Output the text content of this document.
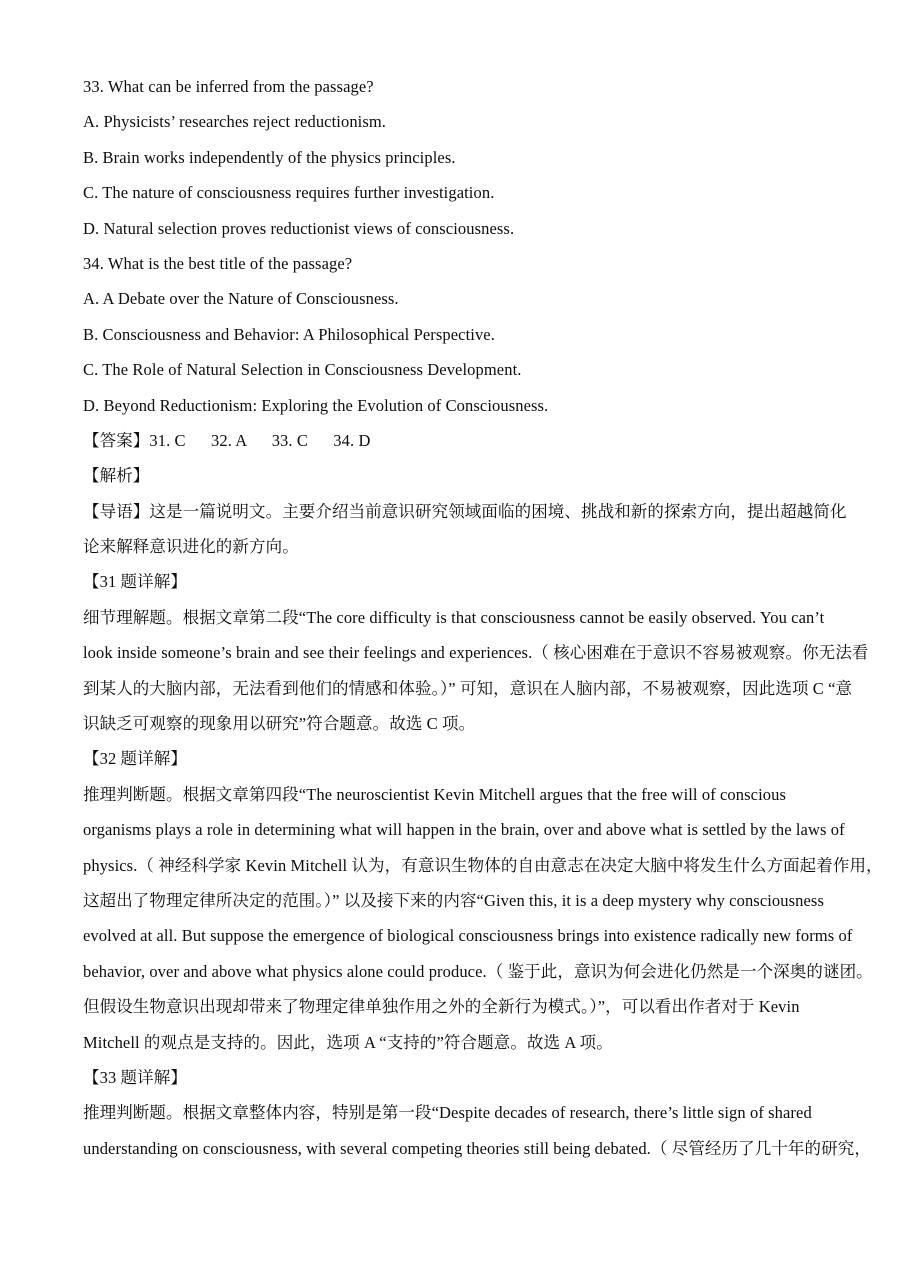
33. What can be inferred from the passage?
A. Physicists’ researches reject reductionism.
B. Brain works independently of the physics principles.
C. The nature of consciousness requires further investigation.
D. Natural selection proves reductionist views of consciousness.
34. What is the best title of the passage?
A. A Debate over the Nature of Consciousness.
B. Consciousness and Behavior: A Philosophical Perspective.
C. The Role of Natural Selection in Consciousness Development.
D. Beyond Reductionism: Exploring the Evolution of Consciousness.
【答案】31. C      32. A      33. C      34. D
【解析】
【导语】这是一篇说明文。主要介绍当前意识研究领域面临的困境、挑战和新的探索方向，提出超越简化
论来解释意识进化的新方向。
【31 题详解】
细节理解题。根据文章第二段“The core difficulty is that consciousness cannot be easily observed. You can’t
look inside someone’s brain and see their feelings and experiences.（ 核心困难在于意识不容易被观察。你无法看
到某人的大脑内部，无法看到他们的情感和体验。）” 可知，意识在人脑内部，不易被观察，因此选项 C “意
识缺乏可观察的现象用以研究”符合题意。故选 C 项。
【32 题详解】
推理判断题。根据文章第四段“The neuroscientist Kevin Mitchell argues that the free will of conscious
organisms plays a role in determining what will happen in the brain, over and above what is settled by the laws of
physics.（ 神经科学家 Kevin Mitchell 认为，有意识生物体的自由意志在决定大脑中将发生什么方面起着作用，
这超出了物理定律所决定的范围。）” 以及接下来的内容“Given this, it is a deep mystery why consciousness
evolved at all. But suppose the emergence of biological consciousness brings into existence radically new forms of
behavior, over and above what physics alone could produce.（ 鉴于此，意识为何会进化仍然是一个深奥的谜团。
但假设生物意识出现却带来了物理定律单独作用之外的全新行为模式。）”，可以看出作者对于 Kevin
Mitchell 的观点是支持的。因此，选项 A “支持的”符合题意。故选 A 项。
【33 题详解】
推理判断题。根据文章整体内容，特别是第一段“Despite decades of research, there’s little sign of shared
understanding on consciousness, with several competing theories still being debated.（ 尽管经历了几十年的研究，
